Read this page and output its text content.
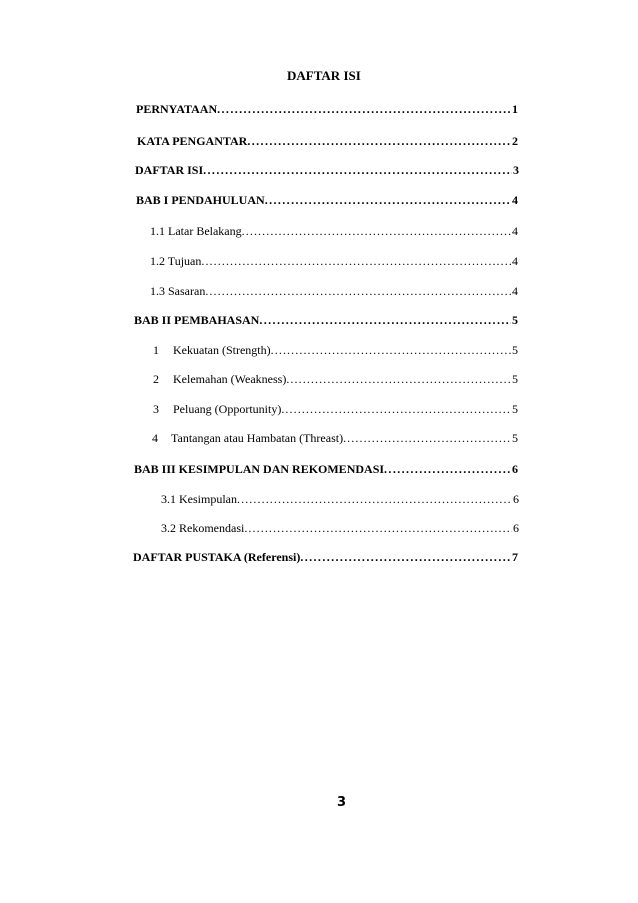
DAFTAR ISI
PERNYATAAN . . .	1
KATA PENGANTAR . . .	2
DAFTAR ISI . . .	3
BAB I PENDAHULUAN . . .	4
1.1 Latar Belakang . . .	4
1.2 Tujuan . . .	4
1.3 Sasaran . . .	4
BAB II PEMBAHASAN . . .	5
1	Kekuatan (Strength) . . .	5
2	Kelemahan (Weakness) . . .	5
3	Peluang (Opportunity) . . .	5
4	Tantangan atau Hambatan (Threast) . . .	5
BAB III KESIMPULAN DAN REKOMENDASI . . .	6
3.1 Kesimpulan . . .	6
3.2 Rekomendasi . . .	6
DAFTAR PUSTAKA (Referensi) . . .	7
3
